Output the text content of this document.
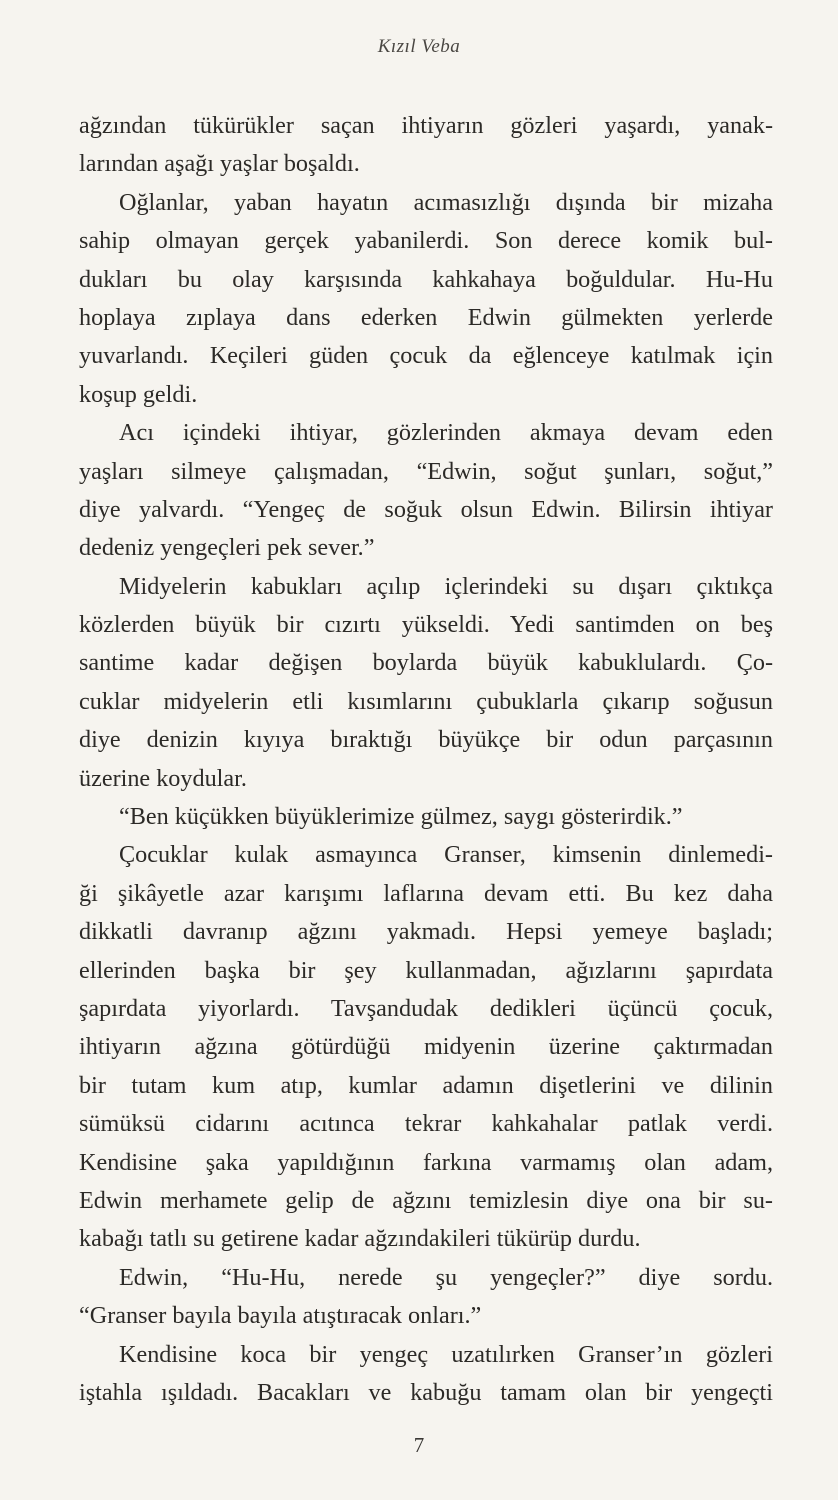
Kızıl Veba
ağzından tükürükler saçan ihtiyarın gözleri yaşardı, yanak-
larından aşağı yaşlar boşaldı.
Oğlanlar, yaban hayatın acımasızlığı dışında bir mizaha
sahip olmayan gerçek yabanilerdi. Son derece komik bul-
dukları bu olay karşısında kahkahaya boğuldular. Hu-Hu
hoplaya zıplaya dans ederken Edwin gülmekten yerlerde
yuvarlandı. Keçileri güden çocuk da eğlenceye katılmak için
koşup geldi.
Acı içindeki ihtiyar, gözlerinden akmaya devam eden
yaşları silmeye çalışmadan, “Edwin, soğut şunları, soğut,”
diye yalvardı. “Yengeç de soğuk olsun Edwin. Bilirsin ihtiyar
dedeniz yengeçleri pek sever.”
Midyelerin kabukları açılıp içlerindeki su dışarı çıktıkça
közlerden büyük bir cızırtı yükseldi. Yedi santimden on beş
santime kadar değişen boylarda büyük kabuklulardı. Ço-
cuklar midyelerin etli kısımlarını çubuklarla çıkarıp soğusun
diye denizin kıyıya bıraktığı büyükçe bir odun parçasının
üzerine koydular.
“Ben küçükken büyüklerimize gülmez, saygı gösterirdik.”
Çocuklar kulak asmayınca Granser, kimsenin dinlemedi-
ği şikâyetle azar karışımı laflarına devam etti. Bu kez daha
dikkatli davranıp ağzını yakmadı. Hepsi yemeye başladı;
ellerinden başka bir şey kullanmadan, ağızlarını şapırdata
şapırdata yiyorlardı. Tavşandudak dedikleri üçüncü çocuk,
ihtiyarın ağzına götürdüğü midyenin üzerine çaktırmadan
bir tutam kum atıp, kumlar adamın dişetlerini ve dilinin
sümüksü cidarını acıtınca tekrar kahkahalar patlak verdi.
Kendisine şaka yapıldığının farkına varmamış olan adam,
Edwin merhamete gelip de ağzını temizlesin diye ona bir su-
kabağı tatlı su getirene kadar ağzındakileri tükürüp durdu.
Edwin, “Hu-Hu, nerede şu yengeçler?” diye sordu.
“Granser bayıla bayıla atıştıracak onları.”
Kendisine koca bir yengeç uzatılırken Granser’ın gözleri
iştahla ışıldadı. Bacakları ve kabuğu tamam olan bir yengeçti
7
